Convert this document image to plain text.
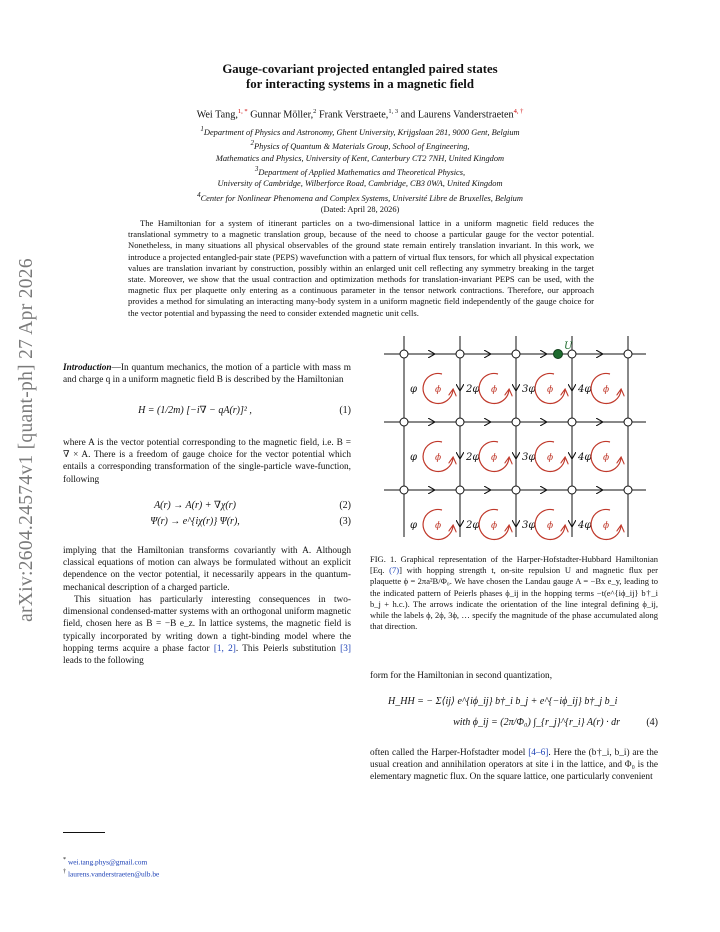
arXiv:2604.24574v1 [quant-ph] 27 Apr 2026
Gauge-covariant projected entangled paired states
for interacting systems in a magnetic field
Wei Tang,$^{1, *}$ Gunnar Möller,$^2$ Frank Verstraete,$^{1, 3}$ and Laurens Vanderstraeten$^{4, \dagger}$
$^1$Department of Physics and Astronomy, Ghent University, Krijgslaan 281, 9000 Gent, Belgium
$^2$Physics of Quantum & Materials Group, School of Engineering,
Mathematics and Physics, University of Kent, Canterbury CT2 7NH, United Kingdom
$^3$Department of Applied Mathematics and Theoretical Physics,
University of Cambridge, Wilberforce Road, Cambridge, CB3 0WA, United Kingdom
$^4$Center for Nonlinear Phenomena and Complex Systems, Université Libre de Bruxelles, Belgium
(Dated: April 28, 2026)
The Hamiltonian for a system of itinerant particles on a two-dimensional lattice in a uniform magnetic field reduces the translational symmetry to a magnetic translation group, because of the need to choose a particular gauge for the vector potential. Nonetheless, in many situations all physical observables of the ground state remain entirely translation invariant. In this work, we introduce a projected entangled-pair state (PEPS) wavefunction with a pattern of virtual flux tensors, for which all physical expectation values are translation invariant by construction, possibly within an enlarged unit cell reflecting any symmetry breaking in the target state. Moreover, we show that the usual contraction and optimization methods for translation-invariant PEPS can be used, with the magnetic flux per plaquette only entering as a continuous parameter in the tensor network contractions. Therefore, our approach provides a method for simulating an interacting many-body system in a uniform magnetic field independently of the gauge choice for the vector potential and bypassing the need to consider extended magnetic unit cells.

Introduction—In quantum mechanics, the motion of a particle with mass m and charge q in a uniform magnetic field B is described by the Hamiltonian

H = (1/2m) [−i∇ − qA(r)]² ,	(1)

where A is the vector potential corresponding to the magnetic field, i.e. B = ∇ × A. There is a freedom of gauge choice for the vector potential which entails a corresponding transformation of the single-particle wave-function, following

A(r) → A(r) + ∇χ(r)	(2)
Ψ(r) → e^{iχ(r)} Ψ(r),	(3)

implying that the Hamiltonian transforms covariantly with A. Although classical equations of motion can always be formulated without an explicit dependence on the vector potential, it necessarily appears in the quantum-mechanical description of a charged particle.

This situation has particularly interesting consequences in two-dimensional condensed-matter systems with an orthogonal uniform magnetic field, chosen here as B = −B e_z. In lattice systems, the magnetic field is typically incorporated by writing down a tight-binding model where the hopping terms acquire a phase factor [1, 2]. This Peierls substitution [3] leads to the following

* wei.tang.phys@gmail.com
† laurens.vanderstraeten@ulb.be
φ ϕ 2φ ϕ 3φ ϕ 4φ ϕ
φ ϕ 2φ ϕ 3φ ϕ 4φ ϕ
φ ϕ 2φ ϕ 3φ ϕ 4φ ϕ
U
FIG. 1. Graphical representation of the Harper-Hofstadter-Hubbard Hamiltonian [Eq. (7)] with hopping strength t, on-site repulsion U and magnetic flux per plaquette ϕ = 2πa²B/Φ₀. We have chosen the Landau gauge A = −Bx e_y, leading to the indicated pattern of Peierls phases ϕ_ij in the hopping terms −t(e^{iϕ_ij} b†_i b_j + h.c.). The arrows indicate the orientation of the line integral defining ϕ_ij, while the labels ϕ, 2ϕ, 3ϕ, … specify the magnitude of the phase accumulated along that direction.

form for the Hamiltonian in second quantization,

H_HH = − Σ⟨ij⟩ e^{iϕ_ij} b†_i b_j + e^{−iϕ_ij} b†_j b_i
with ϕ_ij = (2π/Φ₀) ∫_{r_j}^{r_i} A(r) · dr	(4)

often called the Harper-Hofstadter model [4–6]. Here the (b†_i, b_i) are the usual creation and annihilation operators at site i in the lattice, and Φ₀ is the elementary magnetic flux. On the square lattice, one particularly convenient
